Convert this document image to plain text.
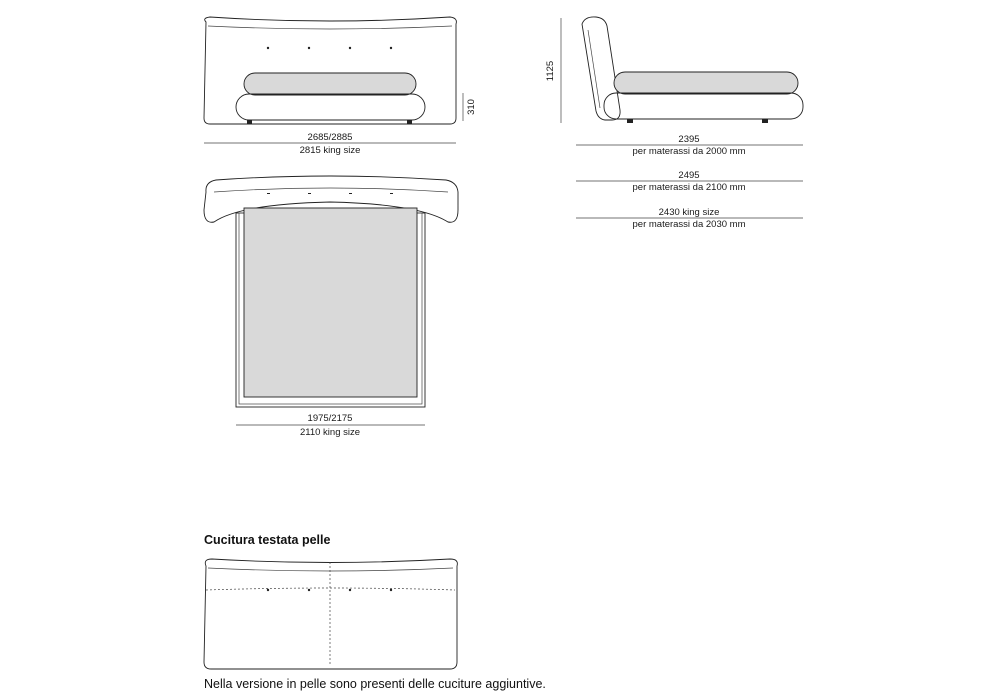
310
2685/2885
2815 king size
1125
2395
per materassi da 2000 mm
2495
per materassi da 2100 mm
2430 king size
per materassi da 2030 mm
1975/2175
2110 king size
Cucitura testata pelle
Nella versione in pelle sono presenti delle cuciture aggiuntive.
